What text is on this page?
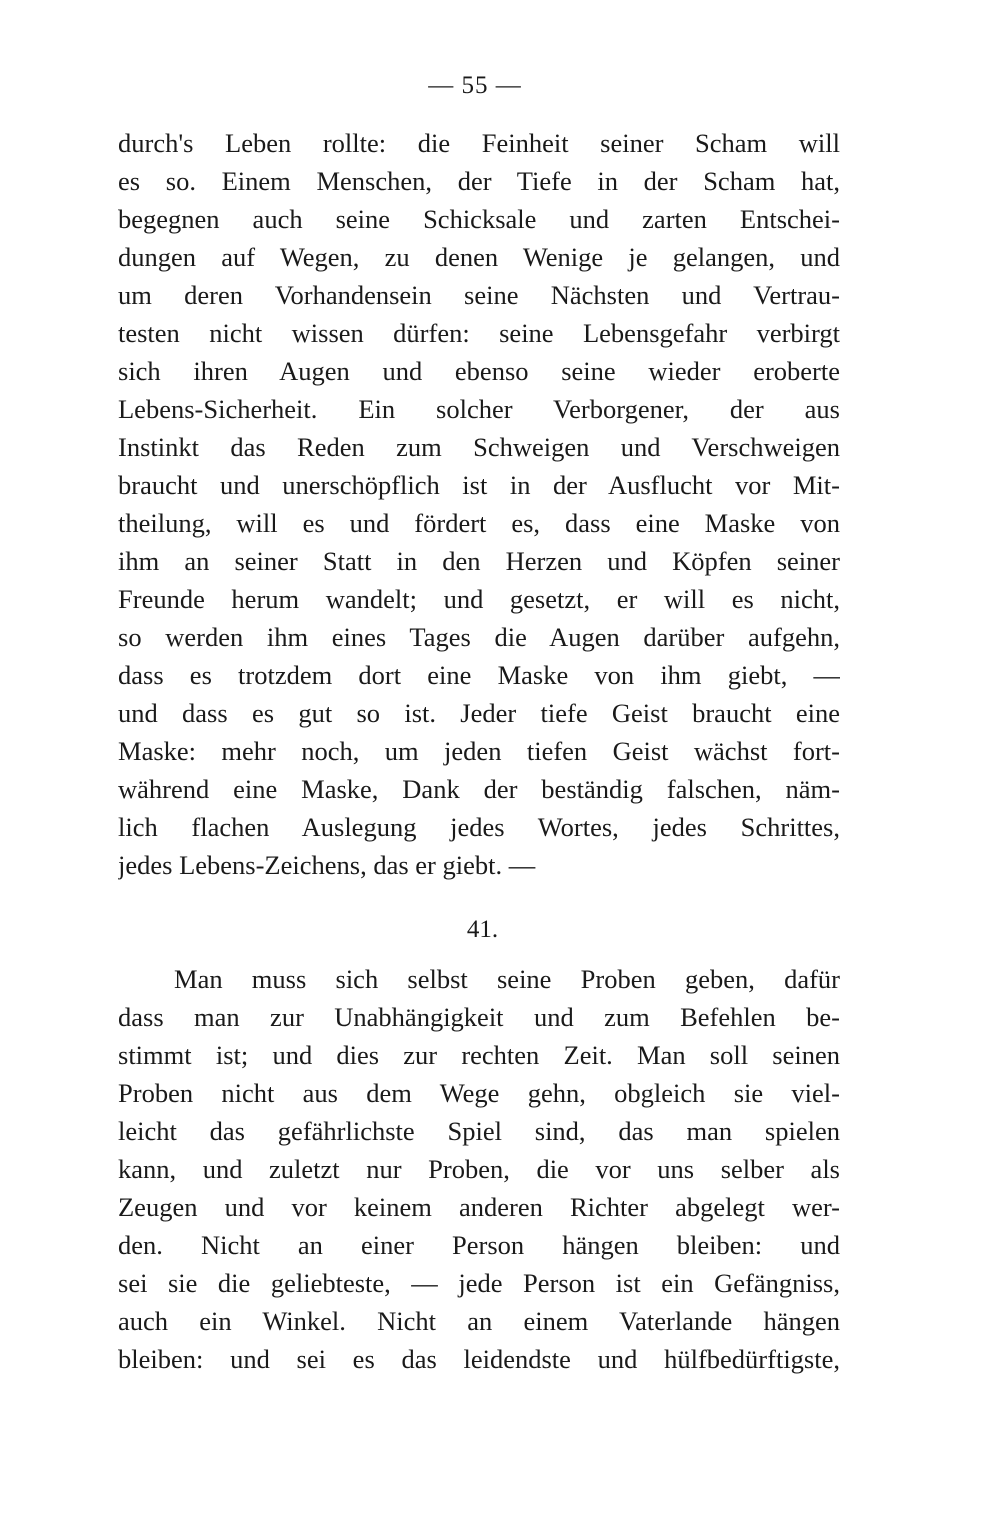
— 55 —
durch's Leben rollte: die Feinheit seiner Scham will
es so. Einem Menschen, der Tiefe in der Scham hat,
begegnen auch seine Schicksale und zarten Entschei-
dungen auf Wegen, zu denen Wenige je gelangen, und
um deren Vorhandensein seine Nächsten und Vertrau-
testen nicht wissen dürfen: seine Lebensgefahr verbirgt
sich ihren Augen und ebenso seine wieder eroberte
Lebens-Sicherheit. Ein solcher Verborgener, der aus
Instinkt das Reden zum Schweigen und Verschweigen
braucht und unerschöpflich ist in der Ausflucht vor Mit-
theilung, will es und fördert es, dass eine Maske von
ihm an seiner Statt in den Herzen und Köpfen seiner
Freunde herum wandelt; und gesetzt, er will es nicht,
so werden ihm eines Tages die Augen darüber aufgehn,
dass es trotzdem dort eine Maske von ihm giebt, —
und dass es gut so ist. Jeder tiefe Geist braucht eine
Maske: mehr noch, um jeden tiefen Geist wächst fort-
während eine Maske, Dank der beständig falschen, näm-
lich flachen Auslegung jedes Wortes, jedes Schrittes,
jedes Lebens-Zeichens, das er giebt. —
41.
Man muss sich selbst seine Proben geben, dafür
dass man zur Unabhängigkeit und zum Befehlen be-
stimmt ist; und dies zur rechten Zeit. Man soll seinen
Proben nicht aus dem Wege gehn, obgleich sie viel-
leicht das gefährlichste Spiel sind, das man spielen
kann, und zuletzt nur Proben, die vor uns selber als
Zeugen und vor keinem anderen Richter abgelegt wer-
den. Nicht an einer Person hängen bleiben: und
sei sie die geliebteste, — jede Person ist ein Gefängniss,
auch ein Winkel. Nicht an einem Vaterlande hängen
bleiben: und sei es das leidendste und hülfbedürftigste,
